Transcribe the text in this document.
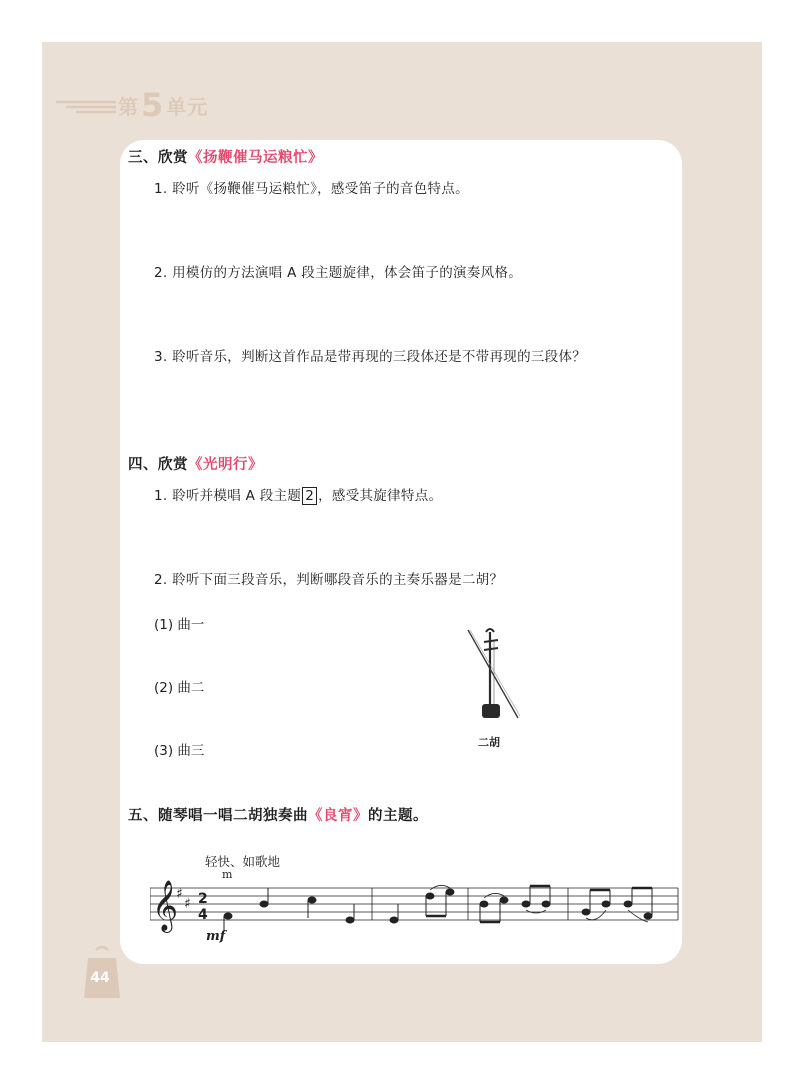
第 5 单元
三、欣赏《扬鞭催马运粮忙》
1. 聆听《扬鞭催马运粮忙》，感受笛子的音色特点。
2. 用模仿的方法演唱 A 段主题旋律，体会笛子的演奏风格。
3. 聆听音乐，判断这首作品是带再现的三段体还是不带再现的三段体？
四、欣赏《光明行》
1. 聆听并模唱 A 段主题 2 ，感受其旋律特点。
2. 聆听下面三段音乐，判断哪段音乐的主奏乐器是二胡？
(1) 曲一
(2) 曲二
(3) 曲三
二胡
五、随琴唱一唱二胡独奏曲《良宵》的主题。
轻快、如歌地
𝄞
♯
♯ 2
4
m
mf
44
